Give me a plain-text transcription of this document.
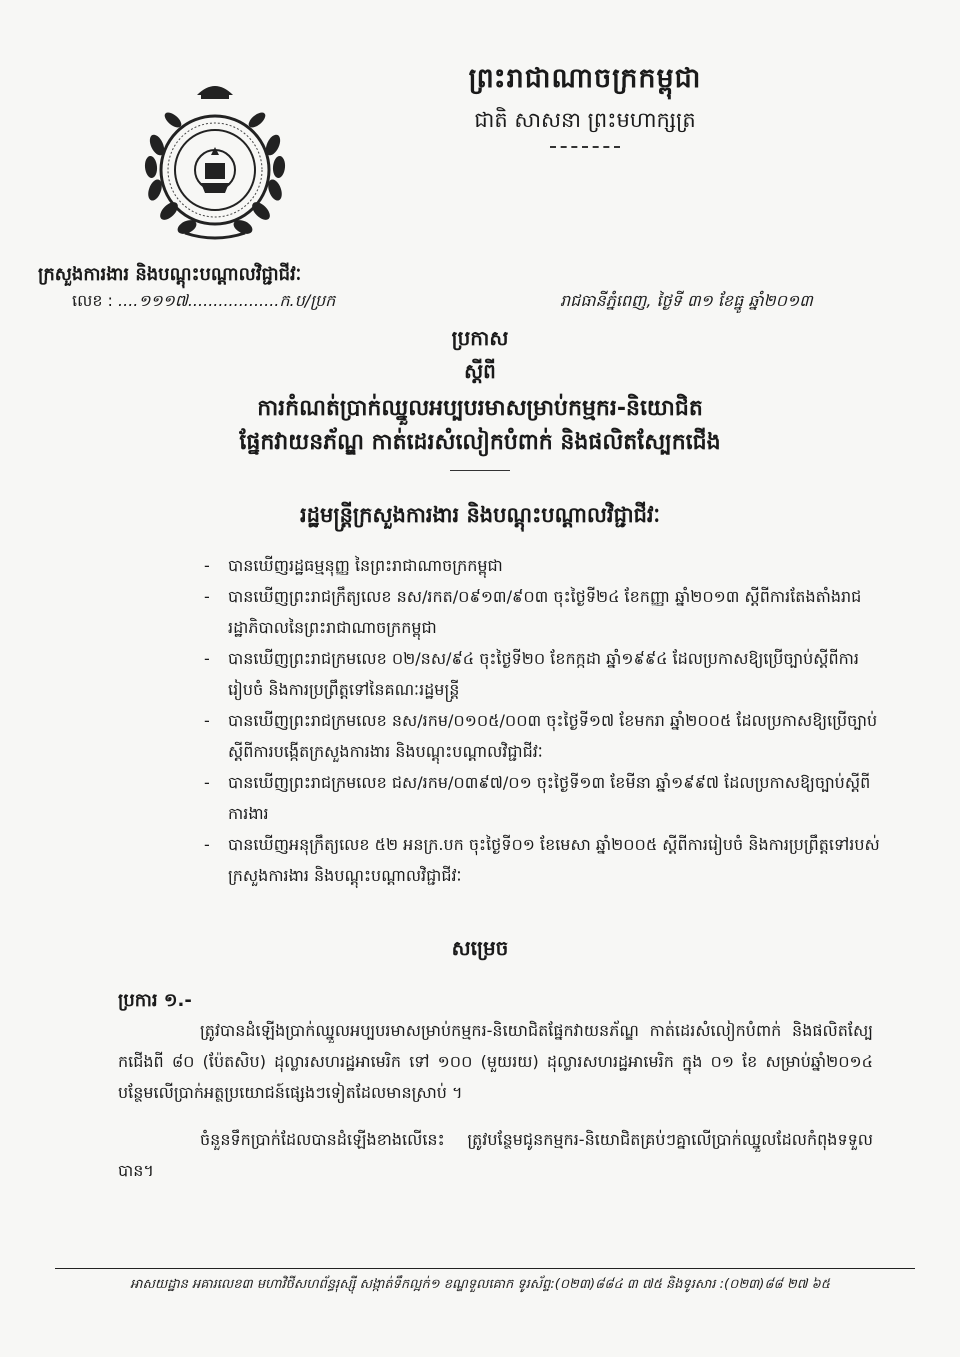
ព្រះរាជាណាចក្រកម្ពុជា
ជាតិ សាសនា ព្រះមហាក្សត្រ
ក្រសួងការងារ និងបណ្តុះបណ្តាលវិជ្ជាជីវៈ
លេខ : ....១១១៧..................ក.ប/ប្រក	រាជធានីភ្នំពេញ, ថ្ងៃទី ៣១ ខែធ្នូ ឆ្នាំ២០១៣
ប្រកាស
ស្តីពី
ការកំណត់ប្រាក់ឈ្នួលអប្បបរមាសម្រាប់កម្មករ-និយោជិត
ផ្នែកវាយនភ័ណ្ឌ កាត់ដេរសំលៀកបំពាក់ និងផលិតស្បែកជើង
រដ្ឋមន្ត្រីក្រសួងការងារ និងបណ្តុះបណ្តាលវិជ្ជាជីវៈ
- បានឃើញរដ្ឋធម្មនុញ្ញ នៃព្រះរាជាណាចក្រកម្ពុជា
- បានឃើញព្រះរាជក្រឹត្យលេខ នស/រកត/០៩១៣/៩០៣ ចុះថ្ងៃទី២៤ ខែកញ្ញា ឆ្នាំ២០១៣ ស្តីពីការតែងតាំងរាជរដ្ឋាភិបាលនៃព្រះរាជាណាចក្រកម្ពុជា
- បានឃើញព្រះរាជក្រមលេខ ០២/នស/៩៤ ចុះថ្ងៃទី២០ ខែកក្កដា ឆ្នាំ១៩៩៤ ដែលប្រកាសឱ្យប្រើច្បាប់ស្តីពីការរៀបចំ និងការប្រព្រឹត្តទៅនៃគណៈរដ្ឋមន្ត្រី
- បានឃើញព្រះរាជក្រមលេខ នស/រកម/០១០៥/០០៣ ចុះថ្ងៃទី១៧ ខែមករា ឆ្នាំ២០០៥ ដែលប្រកាសឱ្យប្រើច្បាប់ស្តីពីការបង្កើតក្រសួងការងារ និងបណ្តុះបណ្តាលវិជ្ជាជីវៈ
- បានឃើញព្រះរាជក្រមលេខ ជស/រកម/០៣៩៧/០១ ចុះថ្ងៃទី១៣ ខែមីនា ឆ្នាំ១៩៩៧ ដែលប្រកាសឱ្យច្បាប់ស្តីពីការងារ
- បានឃើញអនុក្រឹត្យលេខ ៥២ អនក្រ.បក ចុះថ្ងៃទី០១ ខែមេសា ឆ្នាំ២០០៥ ស្តីពីការរៀបចំ និងការប្រព្រឹត្តទៅរបស់ក្រសួងការងារ និងបណ្តុះបណ្តាលវិជ្ជាជីវៈ
សម្រេច
ប្រការ ១.-
ត្រូវបានដំឡើងប្រាក់ឈ្នួលអប្បបរមាសម្រាប់កម្មករ-និយោជិតផ្នែកវាយនភ័ណ្ឌ កាត់ដេរសំលៀកបំពាក់ និងផលិតស្បែកជើងពី ៨០ (ប៉ែតសិប) ដុល្លារសហរដ្ឋអាមេរិក ទៅ ១០០ (មួយរយ) ដុល្លារសហរដ្ឋអាមេរិក ក្នុង ០១ ខែ សម្រាប់ឆ្នាំ២០១៤ បន្ថែមលើប្រាក់អត្ថប្រយោជន៍ផ្សេងៗទៀតដែលមានស្រាប់ ។
ចំនួនទឹកប្រាក់ដែលបានដំឡើងខាងលើនេះ ត្រូវបន្ថែមជូនកម្មករ-និយោជិតគ្រប់ៗគ្នាលើប្រាក់ឈ្នួលដែលកំពុងទទួលបាន។
អាសយដ្ឋាន អគារលេខ៣ មហាវិថីសហព័ន្ធរុស្ស៊ី សង្កាត់ទឹកល្អក់១ ខណ្ឌទួលគោក ទូរស័ព្ទ:(០២៣)៨៨៤ ៣ ៧៥ និងទូរសារ :(០២៣)៨៨ ២៧ ៦៥
